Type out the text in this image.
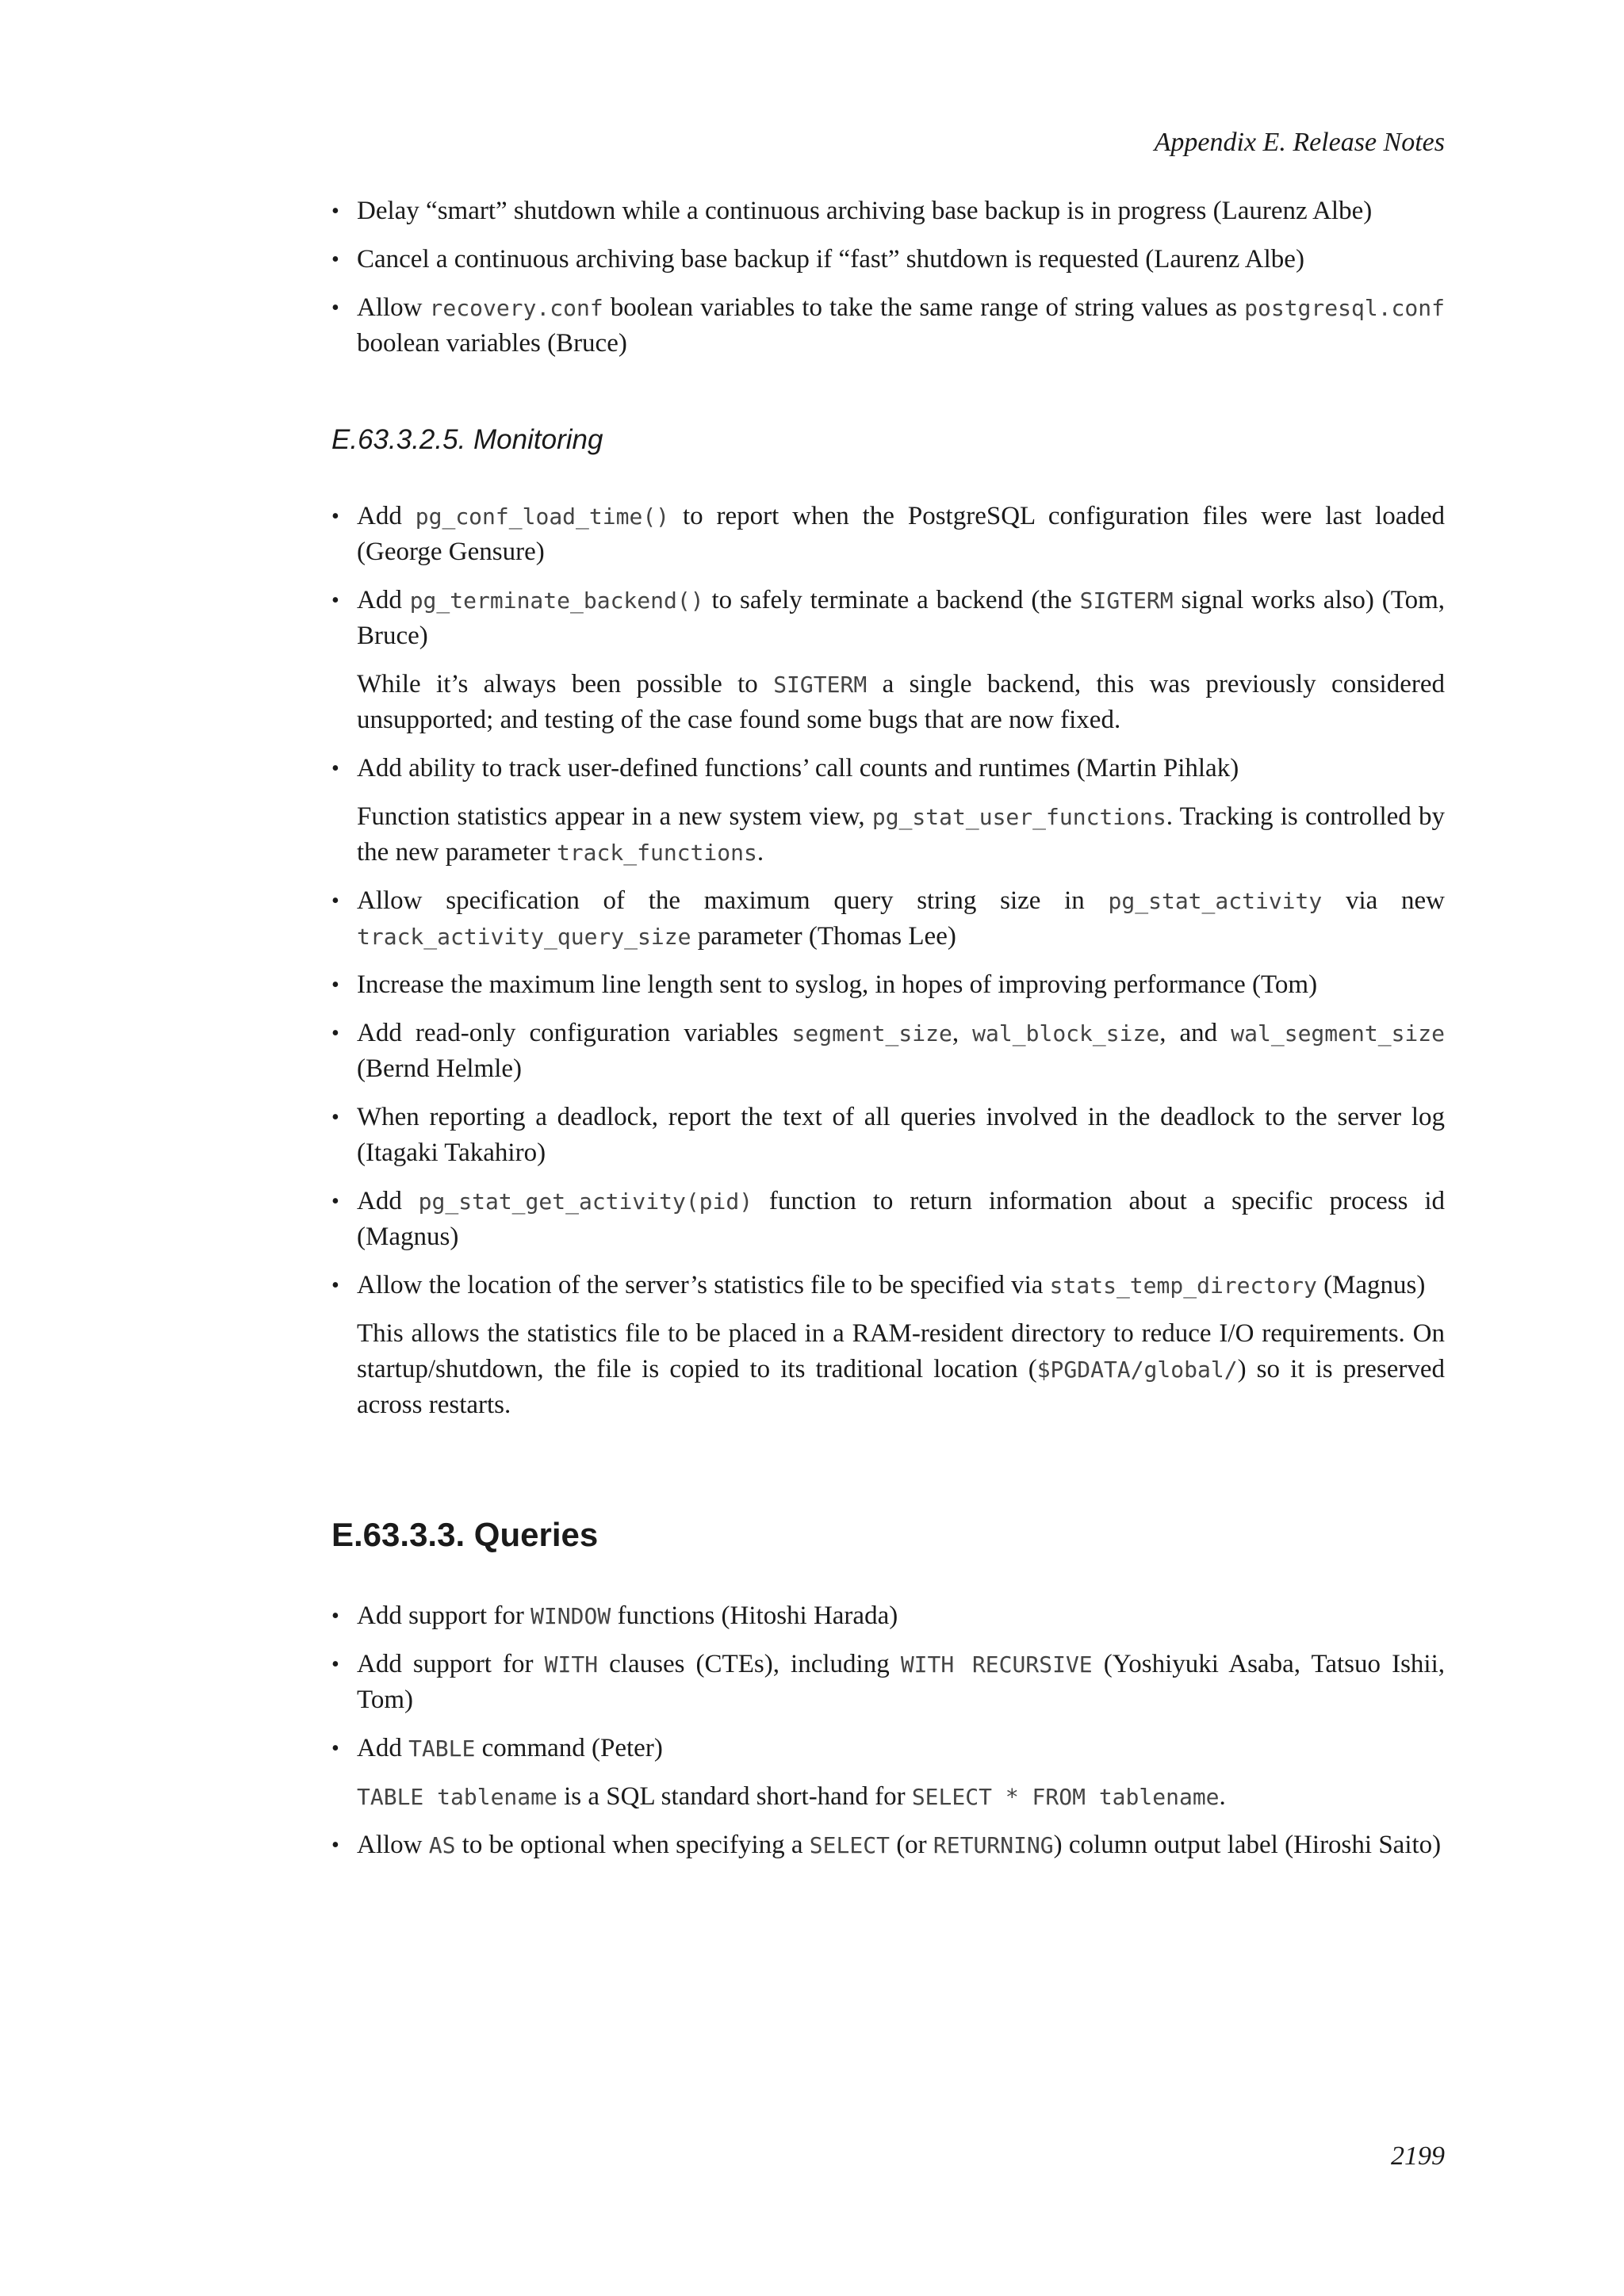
Appendix E. Release Notes
• Delay “smart” shutdown while a continuous archiving base backup is in progress (Laurenz Albe)

• Cancel a continuous archiving base backup if “fast” shutdown is requested (Laurenz Albe)

• Allow recovery.conf boolean variables to take the same range of string values as postgresql.conf boolean variables (Bruce)

E.63.3.2.5. Monitoring
• Add pg_conf_load_time() to report when the PostgreSQL configuration files were last loaded (George Gensure)

• Add pg_terminate_backend() to safely terminate a backend (the SIGTERM signal works also) (Tom, Bruce)

While it’s always been possible to SIGTERM a single backend, this was previously considered unsupported; and testing of the case found some bugs that are now fixed.

• Add ability to track user-defined functions’ call counts and runtimes (Martin Pihlak)

Function statistics appear in a new system view, pg_stat_user_functions. Tracking is controlled by the new parameter track_functions.

• Allow specification of the maximum query string size in pg_stat_activity via new track_activity_query_size parameter (Thomas Lee)

• Increase the maximum line length sent to syslog, in hopes of improving performance (Tom)

• Add read-only configuration variables segment_size, wal_block_size, and wal_segment_size (Bernd Helmle)

• When reporting a deadlock, report the text of all queries involved in the deadlock to the server log (Itagaki Takahiro)

• Add pg_stat_get_activity(pid) function to return information about a specific process id (Magnus)

• Allow the location of the server’s statistics file to be specified via stats_temp_directory (Magnus)

This allows the statistics file to be placed in a RAM-resident directory to reduce I/O requirements. On startup/shutdown, the file is copied to its traditional location ($PGDATA/global/) so it is preserved across restarts.

E.63.3.3. Queries
• Add support for WINDOW functions (Hitoshi Harada)

• Add support for WITH clauses (CTEs), including WITH RECURSIVE (Yoshiyuki Asaba, Tatsuo Ishii, Tom)

• Add TABLE command (Peter)

TABLE tablename is a SQL standard short-hand for SELECT * FROM tablename.

• Allow AS to be optional when specifying a SELECT (or RETURNING) column output label (Hiroshi Saito)

2199
